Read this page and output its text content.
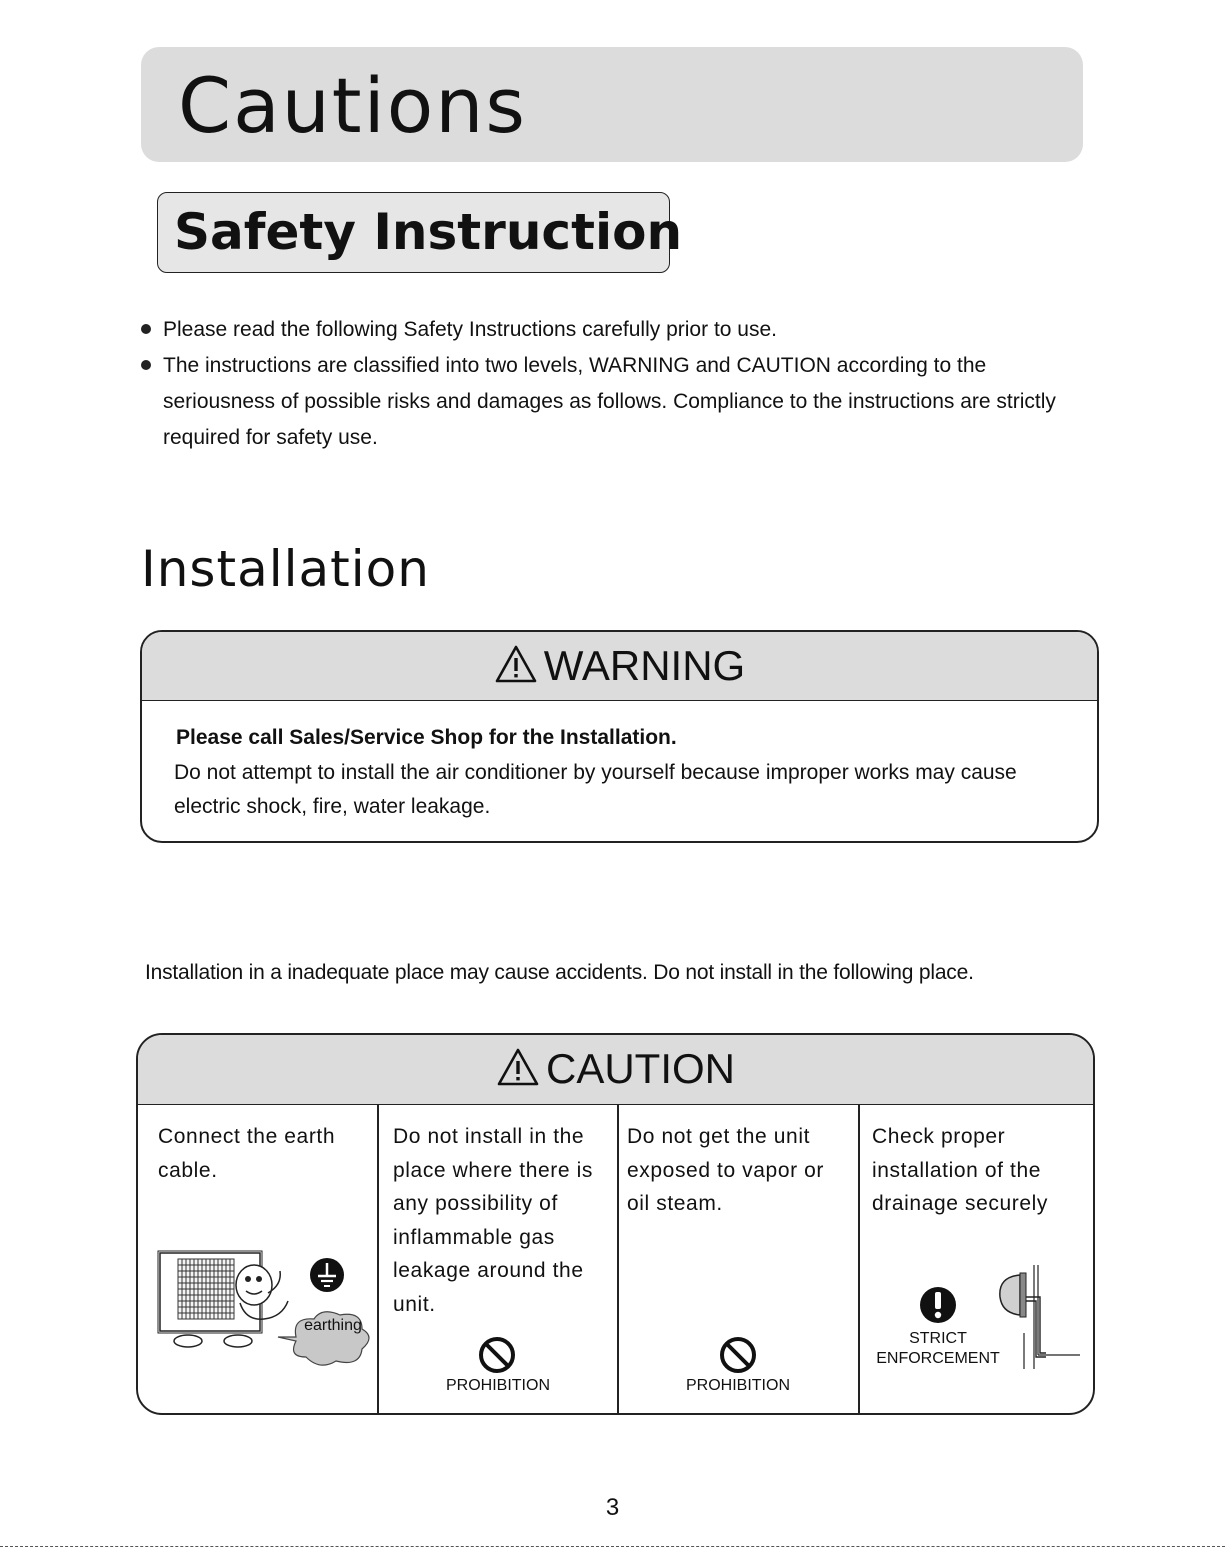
Cautions
Safety Instruction
Please read the following Safety Instructions carefully prior to use.
The instructions are classified into two levels, WARNING and CAUTION according to the seriousness of possible risks and damages as follows. Compliance to the instructions are strictly required for safety use.
Installation
WARNING
Please call Sales/Service Shop for the Installation.
Do not attempt to install the air conditioner by yourself because improper works may cause electric shock, fire, water leakage.
Installation in a inadequate place may cause accidents. Do not install in the following place.
CAUTION
Connect the earth cable.
earthing
Do not install in the place where there is any possibility of inflammable gas leakage around the unit.
PROHIBITION
Do not get the unit exposed to vapor or oil steam.
PROHIBITION
Check proper installation of the drainage securely
STRICT
ENFORCEMENT
3
